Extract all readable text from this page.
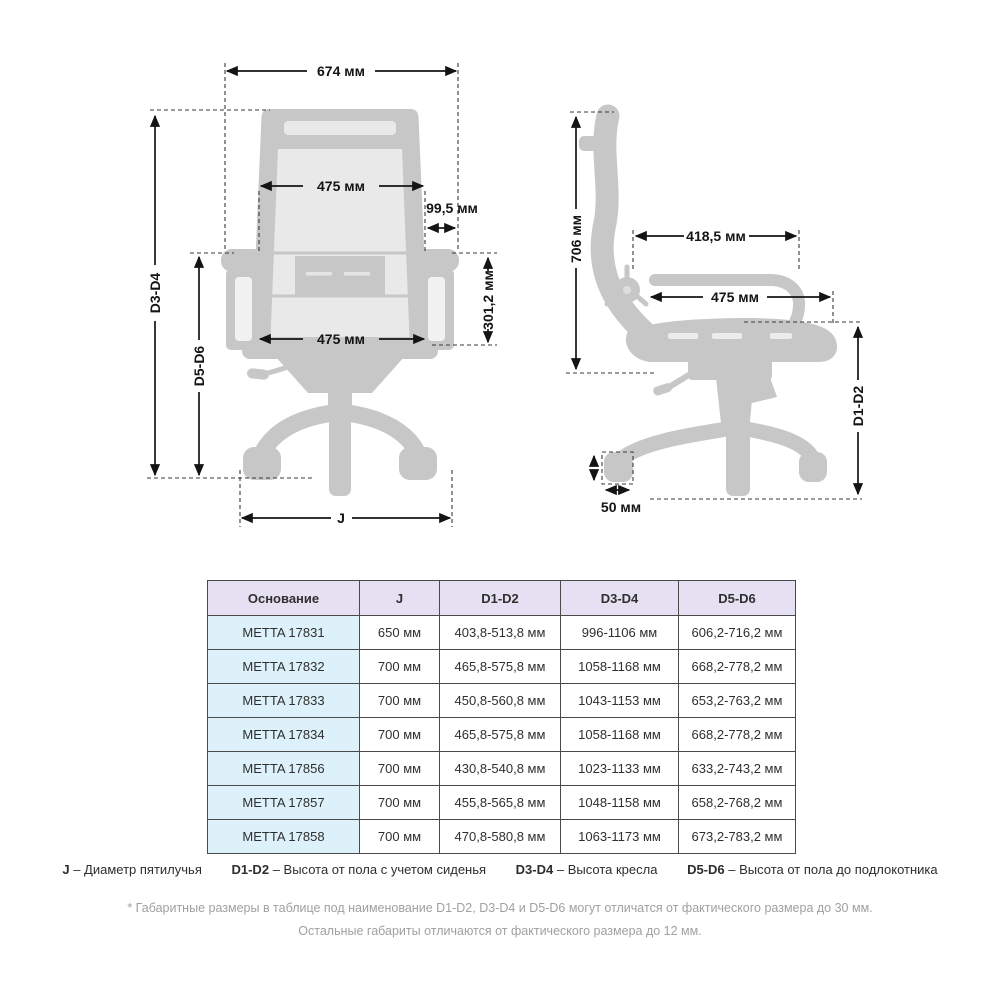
674 мм
D3-D4
D5-D6
475 мм
99,5 мм
301,2 мм
475 мм
J
706 мм	418,5 мм
475 мм
D1-D2
50 мм
Основание	J	D1-D2	D3-D4	D5-D6
METTA 17831	650 мм	403,8-513,8 мм	996-1106 мм	606,2-716,2 мм
METTA 17832	700 мм	465,8-575,8 мм	1058-1168 мм	668,2-778,2 мм
METTA 17833	700 мм	450,8-560,8 мм	1043-1153 мм	653,2-763,2 мм
METTA 17834	700 мм	465,8-575,8 мм	1058-1168 мм	668,2-778,2 мм
METTA 17856	700 мм	430,8-540,8 мм	1023-1133 мм	633,2-743,2 мм
METTA 17857	700 мм	455,8-565,8 мм	1048-1158 мм	658,2-768,2 мм
METTA 17858	700 мм	470,8-580,8 мм	1063-1173 мм	673,2-783,2 мм
J – Диаметр пятилучья D1-D2 – Высота от пола с учетом сиденья D3-D4 – Высота кресла D5-D6 – Высота от пола до подлокотника
* Габаритные размеры в таблице под наименование D1-D2, D3-D4 и D5-D6 могут отличатся от фактического размера до 30 мм.
Остальные габариты отличаются от фактического размера до 12 мм.
